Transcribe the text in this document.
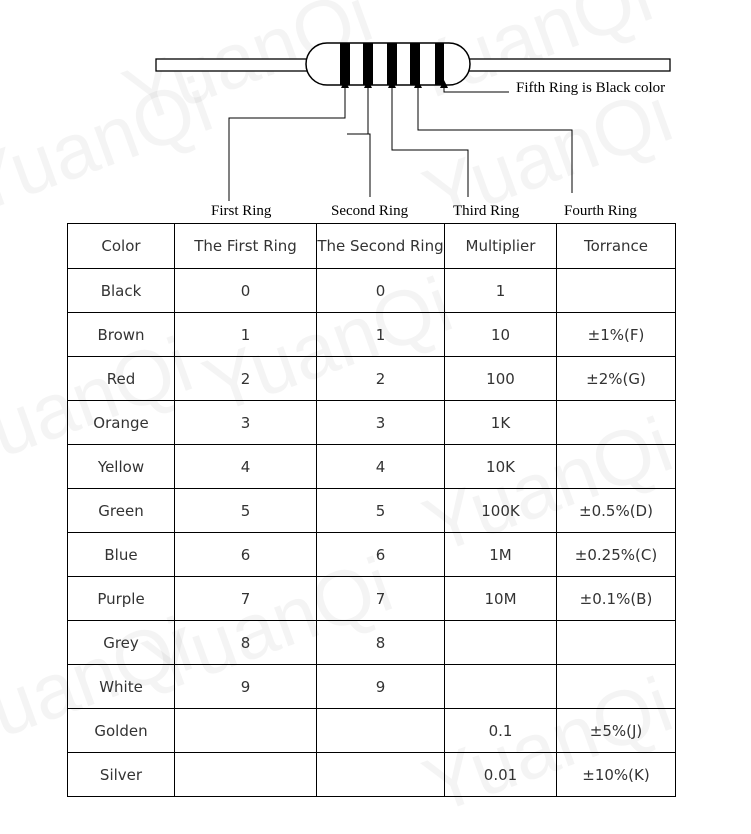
Fifth Ring is Black color
First Ring	Second Ring	Third Ring	Fourth Ring
Color	The First Ring	The Second Ring	Multiplier	Torrance
Black	0	0	1	
Brown	1	1	10	±1%(F)
Red	2	2	100	±2%(G)
Orange	3	3	1K	
Yellow	4	4	10K	
Green	5	5	100K	±0.5%(D)
Blue	6	6	1M	±0.25%(C)
Purple	7	7	10M	±0.1%(B)
Grey	8	8		
White	9	9		
Golden			0.1	±5%(J)
Silver			0.01	±10%(K)
